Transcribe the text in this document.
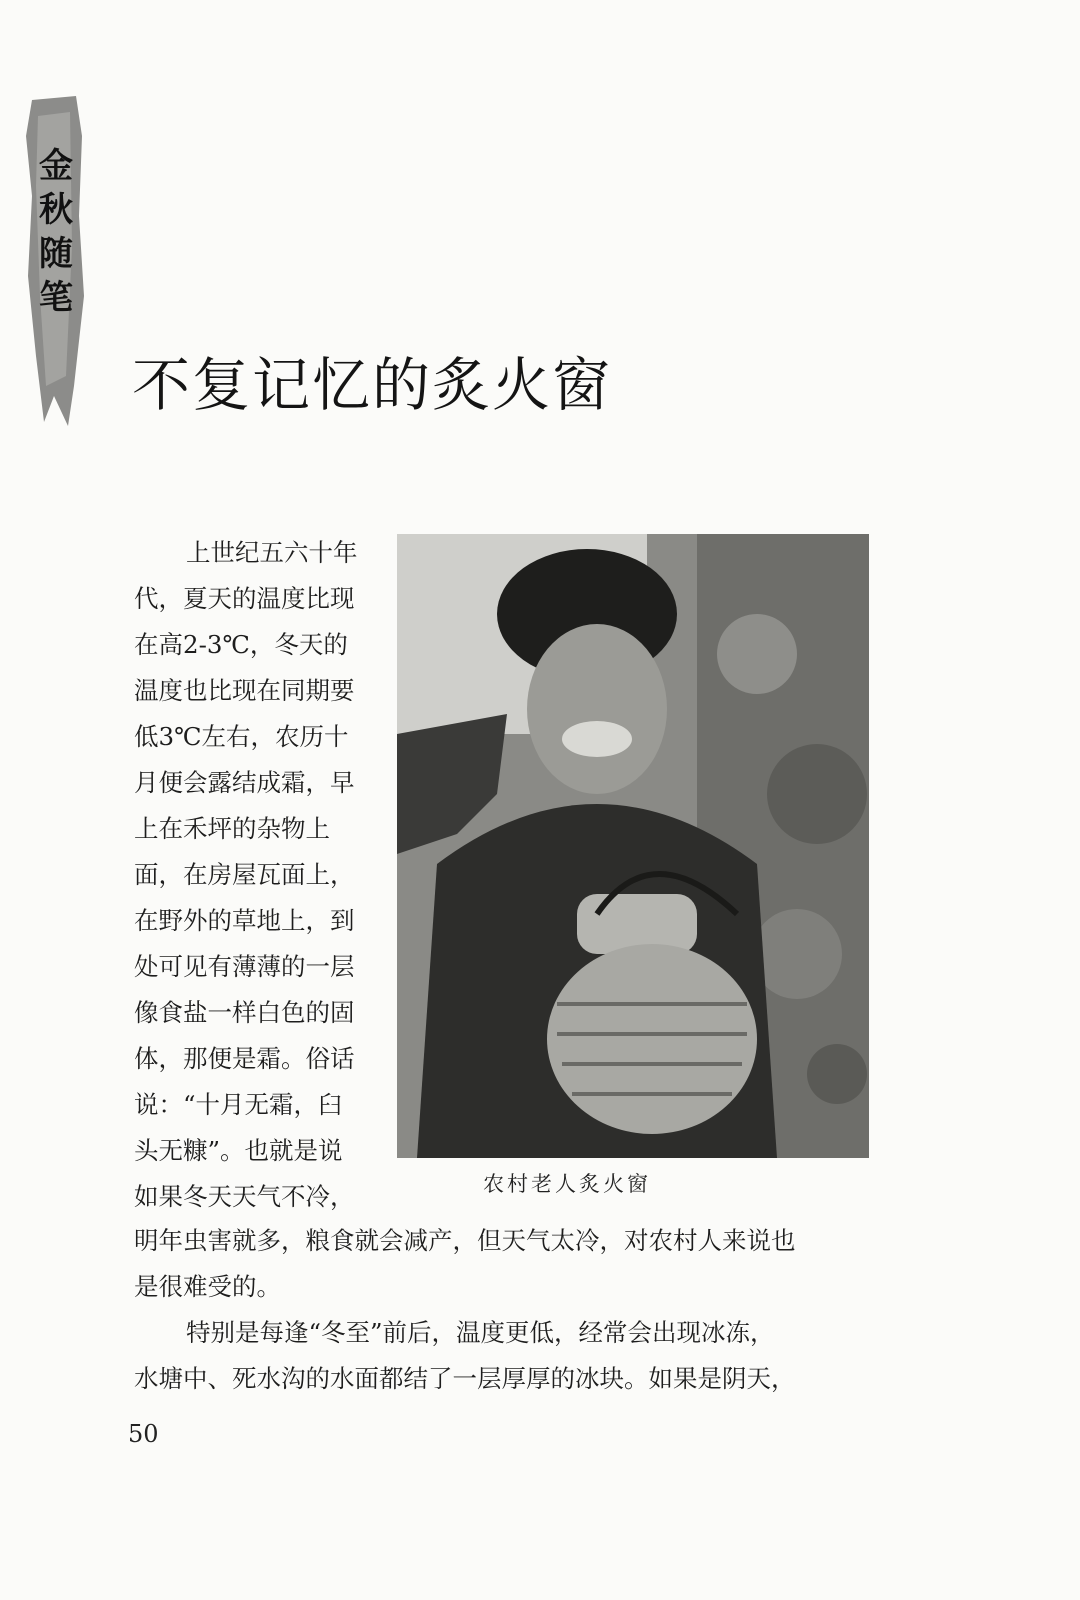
金
秋
随
笔
不复记忆的炙火窗
上世纪五六十年
代，夏天的温度比现
在高2-3℃，冬天的
温度也比现在同期要
低3℃左右，农历十
月便会露结成霜，早
上在禾坪的杂物上
面，在房屋瓦面上，
在野外的草地上，到
处可见有薄薄的一层
像食盐一样白色的固
体，那便是霜。俗话
说：“十月无霜，臼
头无糠”。也就是说
如果冬天天气不冷，	农村老人炙火窗
明年虫害就多，粮食就会减产，但天气太冷，对农村人来说也
是很难受的。
特别是每逢“冬至”前后，温度更低，经常会出现冰冻，
水塘中、死水沟的水面都结了一层厚厚的冰块。如果是阴天，
50
